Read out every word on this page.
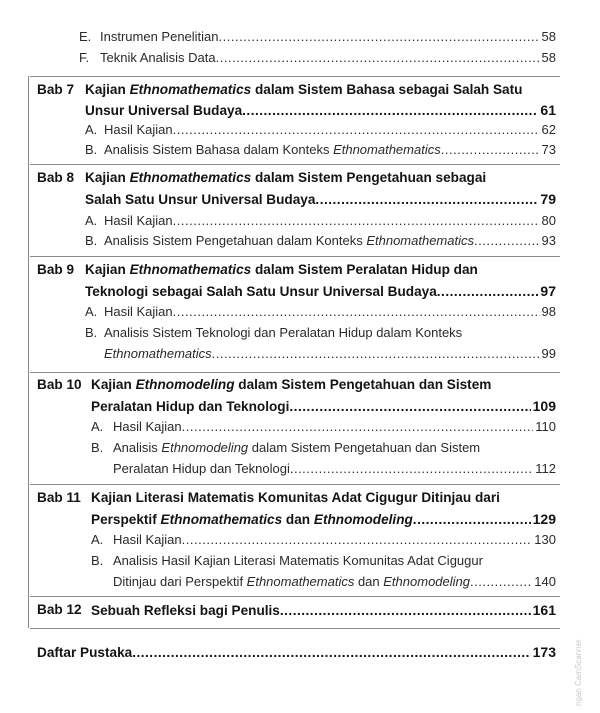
E. Instrumen Penelitian .....	58
F. Teknik Analisis Data .....	58
Bab 7 Kajian Ethnomathematics dalam Sistem Bahasa sebagai Salah Satu
Unsur Universal Budaya .....	61
A. Hasil Kajian .....	62
B. Analisis Sistem Bahasa dalam Konteks Ethnomathematics .....	73
Bab 8 Kajian Ethnomathematics dalam Sistem Pengetahuan sebagai
Salah Satu Unsur Universal Budaya .....	79
A. Hasil Kajian .....	80
B. Analisis Sistem Pengetahuan dalam Konteks Ethnomathematics .....	93
Bab 9 Kajian Ethnomathematics dalam Sistem Peralatan Hidup dan
Teknologi sebagai Salah Satu Unsur Universal Budaya .....	97
A. Hasil Kajian .....	98
B. Analisis Sistem Teknologi dan Peralatan Hidup dalam Konteks
Ethnomathematics .....	99
Bab 10 Kajian Ethnomodeling dalam Sistem Pengetahuan dan Sistem
Peralatan Hidup dan Teknologi .....	109
A. Hasil Kajian .....	110
B. Analisis Ethnomodeling dalam Sistem Pengetahuan dan Sistem
Peralatan Hidup dan Teknologi .....	112
Bab 11 Kajian Literasi Matematis Komunitas Adat Cigugur Ditinjau dari
Perspektif Ethnomathematics dan Ethnomodeling .....	129
A. Hasil Kajian .....	130
B. Analisis Hasil Kajian Literasi Matematis Komunitas Adat Cigugur
Ditinjau dari Perspektif Ethnomathematics dan Ethnomodeling .....	140
Bab 12 Sebuah Refleksi bagi Penulis .....	161
Daftar Pustaka .....	173 ngan CamScanner
